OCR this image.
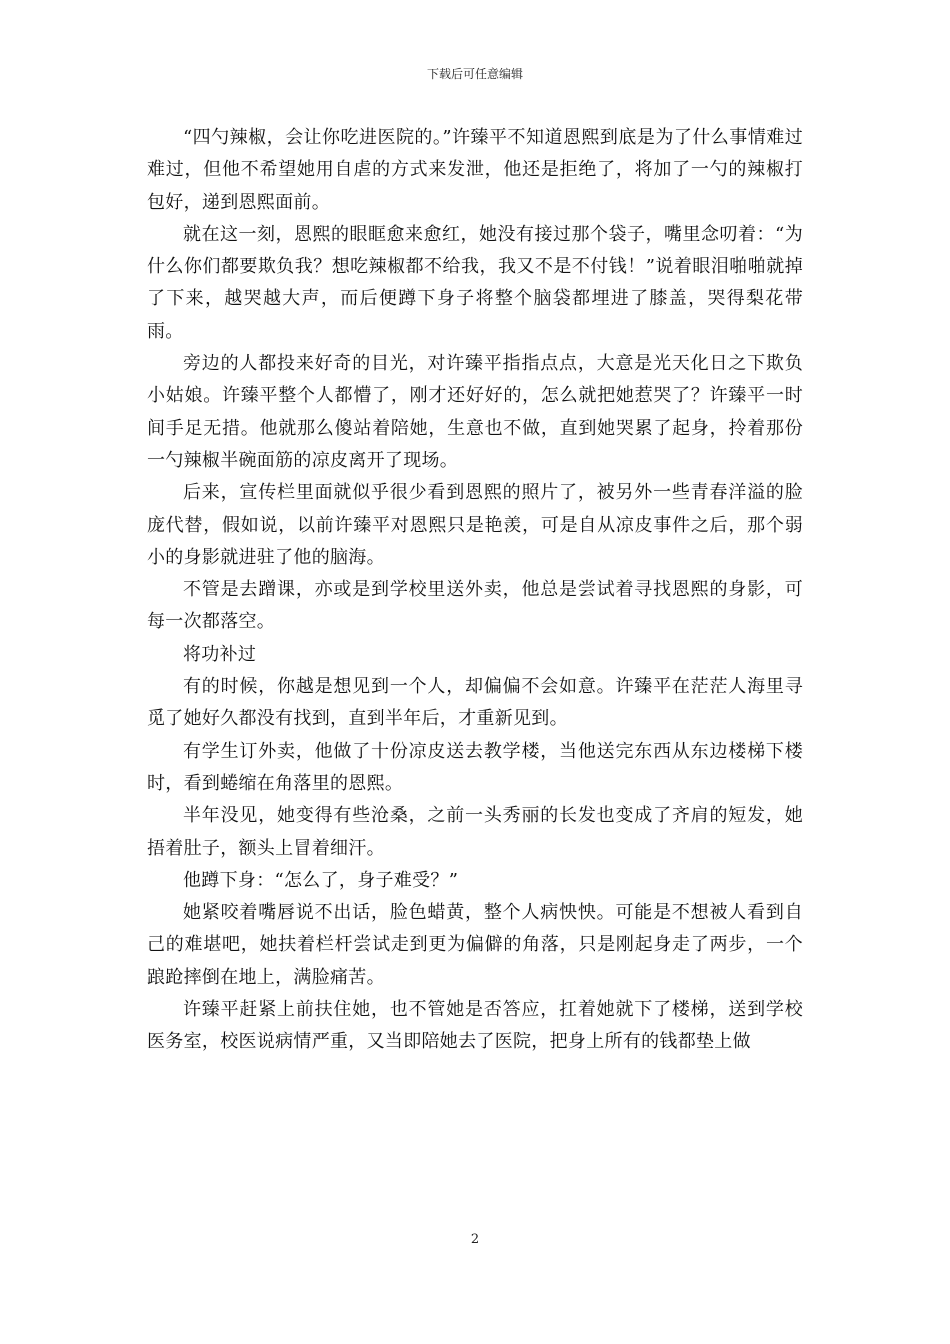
下载后可任意编辑

“四勺辣椒，会让你吃进医院的。”许臻平不知道恩熙到底是为了什么事情难过难过，但他不希望她用自虐的方式来发泄，他还是拒绝了，将加了一勺的辣椒打包好，递到恩熙面前。

就在这一刻，恩熙的眼眶愈来愈红，她没有接过那个袋子，嘴里念叨着：“为什么你们都要欺负我？想吃辣椒都不给我，我又不是不付钱！”说着眼泪啪啪就掉了下来，越哭越大声，而后便蹲下身子将整个脑袋都埋进了膝盖，哭得梨花带雨。

旁边的人都投来好奇的目光，对许臻平指指点点，大意是光天化日之下欺负小姑娘。许臻平整个人都懵了，刚才还好好的，怎么就把她惹哭了？许臻平一时间手足无措。他就那么傻站着陪她，生意也不做，直到她哭累了起身，拎着那份一勺辣椒半碗面筋的凉皮离开了现场。

后来，宣传栏里面就似乎很少看到恩熙的照片了，被另外一些青春洋溢的脸庞代替，假如说，以前许臻平对恩熙只是艳羡，可是自从凉皮事件之后，那个弱小的身影就进驻了他的脑海。

不管是去蹭课，亦或是到学校里送外卖，他总是尝试着寻找恩熙的身影，可每一次都落空。

将功补过

有的时候，你越是想见到一个人，却偏偏不会如意。许臻平在茫茫人海里寻觅了她好久都没有找到，直到半年后，才重新见到。

有学生订外卖，他做了十份凉皮送去教学楼，当他送完东西从东边楼梯下楼时，看到蜷缩在角落里的恩熙。

半年没见，她变得有些沧桑，之前一头秀丽的长发也变成了齐肩的短发，她捂着肚子，额头上冒着细汗。

他蹲下身：“怎么了，身子难受？”

她紧咬着嘴唇说不出话，脸色蜡黄，整个人病怏怏。可能是不想被人看到自己的难堪吧，她扶着栏杆尝试走到更为偏僻的角落，只是刚起身走了两步，一个踉跄摔倒在地上，满脸痛苦。

许臻平赶紧上前扶住她，也不管她是否答应，扛着她就下了楼梯，送到学校医务室，校医说病情严重，又当即陪她去了医院，把身上所有的钱都垫上做

2
